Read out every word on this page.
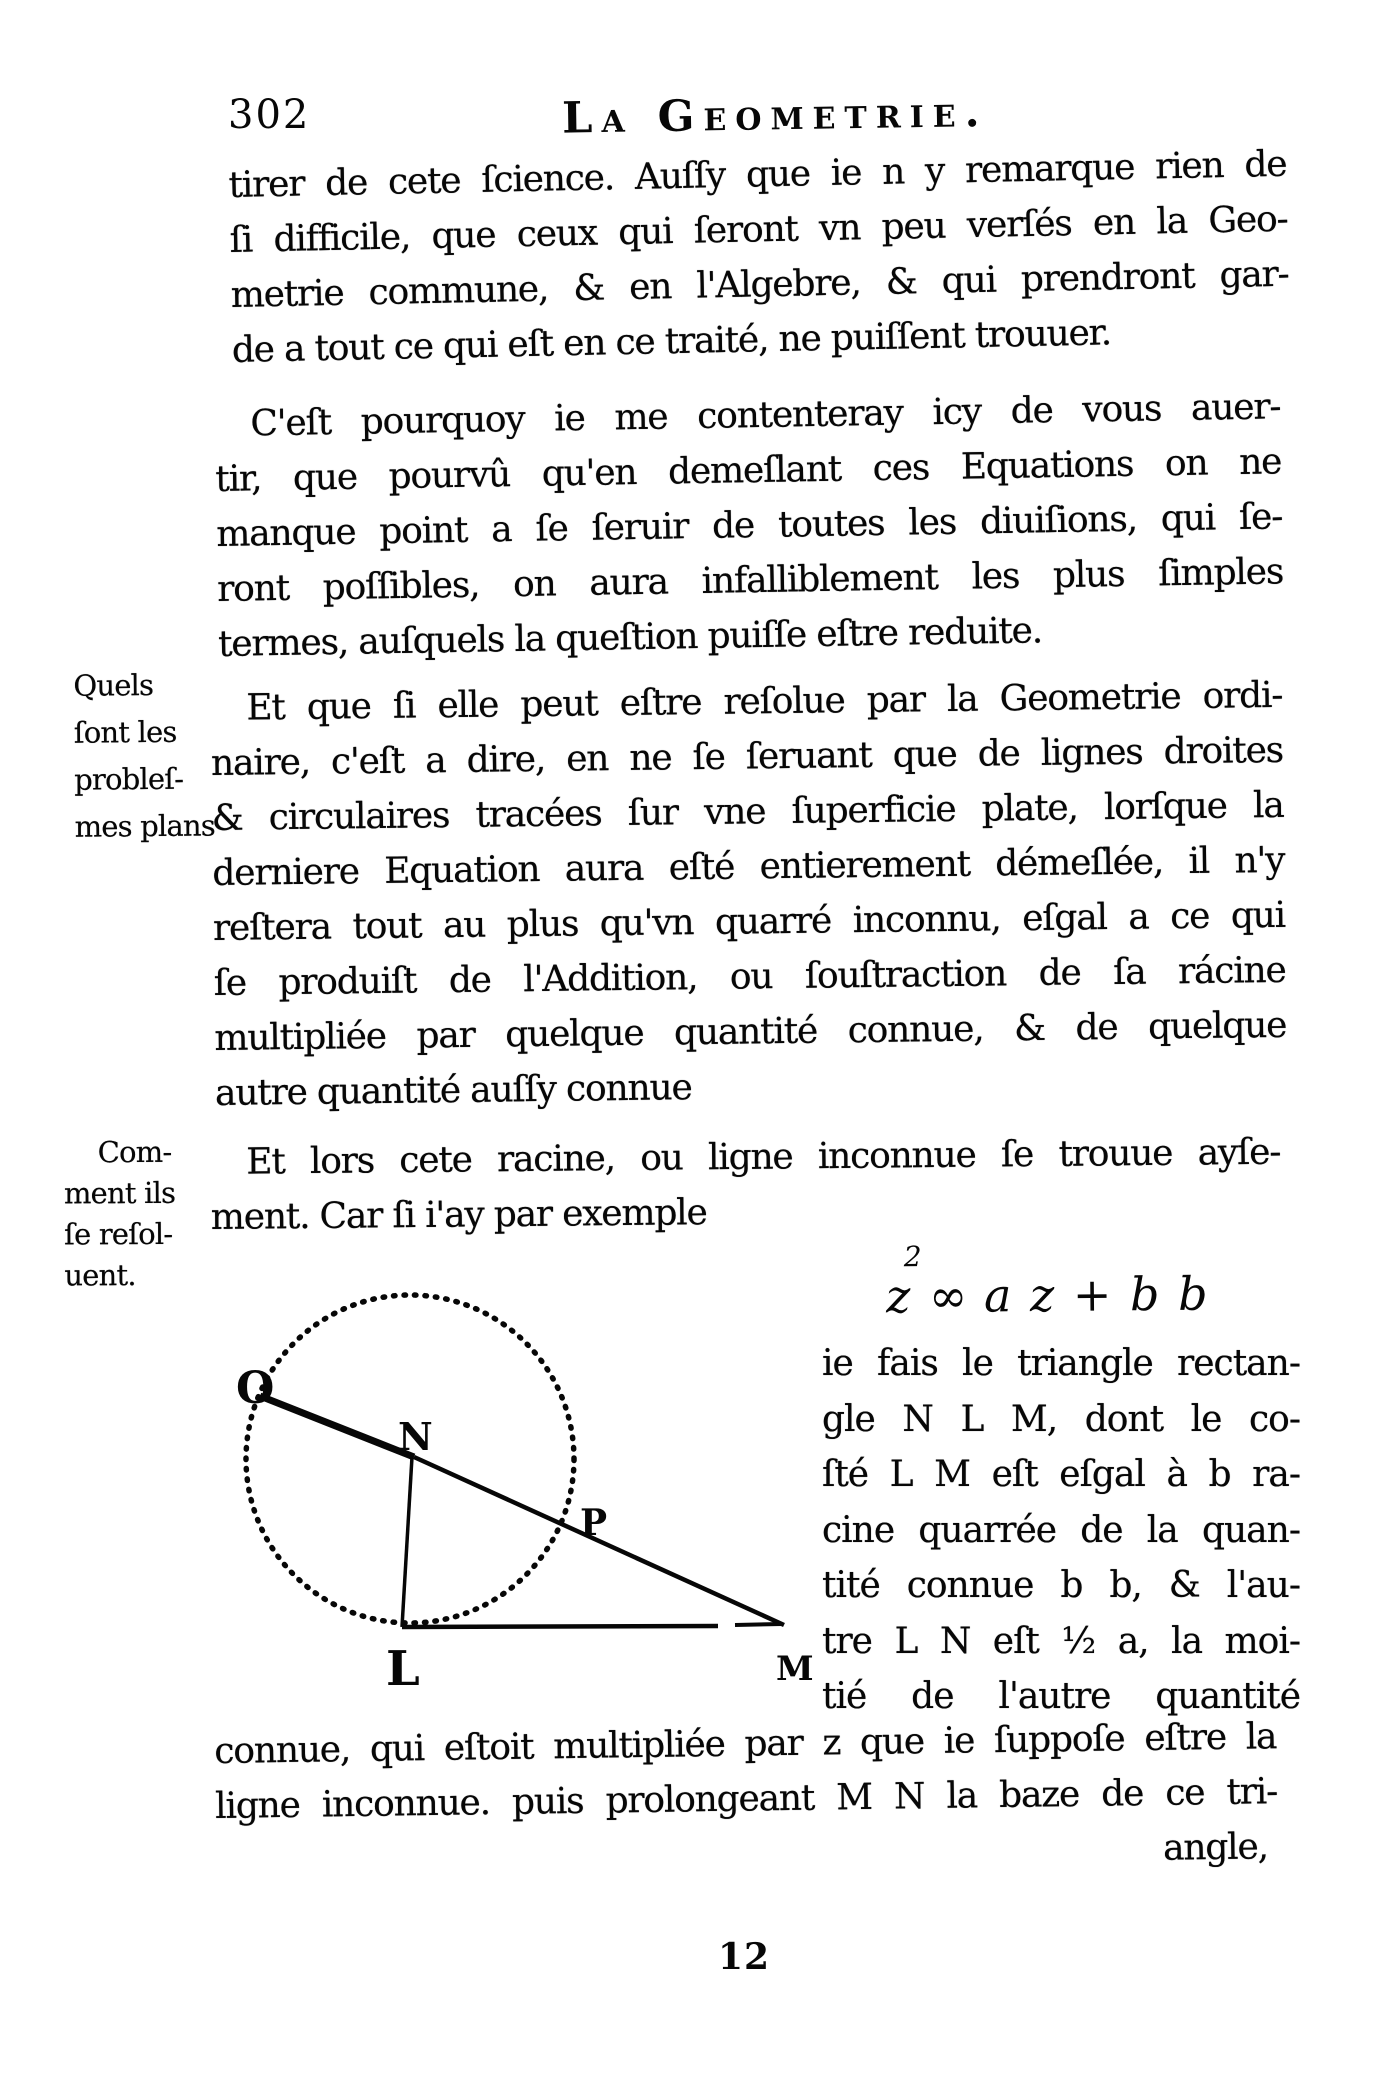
302	La Geometrie.
tirer de cete ſcience. Auſſy que ie n y remarque rien de
ſi difficile, que ceux qui ſeront vn peu verſés en la Geo-
metrie commune, & en l'Algebre, & qui prendront gar-
de a tout ce qui eſt en ce traité, ne puiſſent trouuer.
C'eſt pourquoy ie me contenteray icy de vous auer-
tir, que pourvû qu'en demeſlant ces Equations on ne
manque point a ſe ſeruir de toutes les diuiſions, qui ſe-
ront poſſibles, on aura infalliblement les plus ſimples
termes, auſquels la queſtion puiſſe eſtre reduite.
Quels
ſont les
probleſ-
mes plans
Et que ſi elle peut eſtre reſolue par la Geometrie ordi-
naire, c'eſt a dire, en ne ſe ſeruant que de lignes droites
& circulaires tracées ſur vne ſuperficie plate, lorſque la
derniere Equation aura eſté entierement démeſlée, il n'y
reſtera tout au plus qu'vn quarré inconnu, eſgal a ce qui
ſe produiſt de l'Addition, ou ſouſtraction de ſa rácine
multipliée par quelque quantité connue, & de quelque
autre quantité auſſy connue
Com-
ment ils
ſe reſol-
uent.
Et lors cete racine, ou ligne inconnue ſe trouue ayſe-
ment. Car ſi i'ay par exemple
2
z ∞ a z + b b
O
N
P
L	M
ie fais le triangle rectan-
gle N L M, dont le co-
ſté L M eſt eſgal à b ra-
cine quarrée de la quan-
tité connue b b, & l'au-
tre L N eſt ½ a, la moi-
tié de l'autre quantité
connue, qui eſtoit multipliée par z que ie ſuppoſe eſtre la
ligne inconnue. puis prolongeant M N la baze de ce tri-
angle,
12
